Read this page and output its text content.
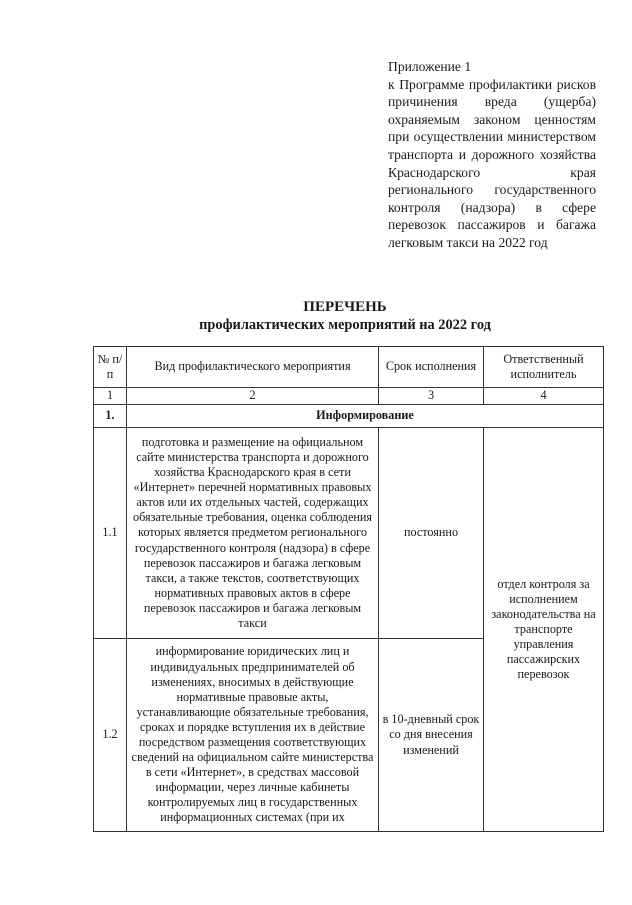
Приложение 1
к Программе профилактики рисков причинения вреда (ущерба) охраняемым законом ценностям при осуществлении министерством транспорта и дорожного хозяйства Краснодарского края регионального государственного контроля (надзора) в сфере перевозок пассажиров и багажа легковым такси на 2022 год
ПЕРЕЧЕНЬ
профилактических мероприятий на 2022 год
№ п/п	Вид профилактического мероприятия	Срок исполнения	Ответственный исполнитель
1	2	3	4
1.	Информирование		
1.1	подготовка и размещение на официальном сайте министерства транспорта и дорожного хозяйства Краснодарского края в сети «Интернет» перечней нормативных правовых актов или их отдельных частей, содержащих обязательные требования, оценка соблюдения которых является предметом регионального государственного контроля (надзора) в сфере перевозок пассажиров и багажа легковым такси, а также текстов, соответствующих нормативных правовых актов в сфере перевозок пассажиров и багажа легковым такси	постоянно	отдел контроля за исполнением законодательства на транспорте управления пассажирских перевозок

1.2	информирование юридических лиц и индивидуальных предпринимателей об изменениях, вносимых в действующие нормативные правовые акты, устанавливающие обязательные требования, сроках и порядке вступления их в действие посредством размещения соответствующих сведений на официальном сайте министерства в сети «Интернет», в средствах массовой информации, через личные кабинеты контролируемых лиц в государственных информационных системах (при их	в 10-дневный срок со дня внесения изменений	
